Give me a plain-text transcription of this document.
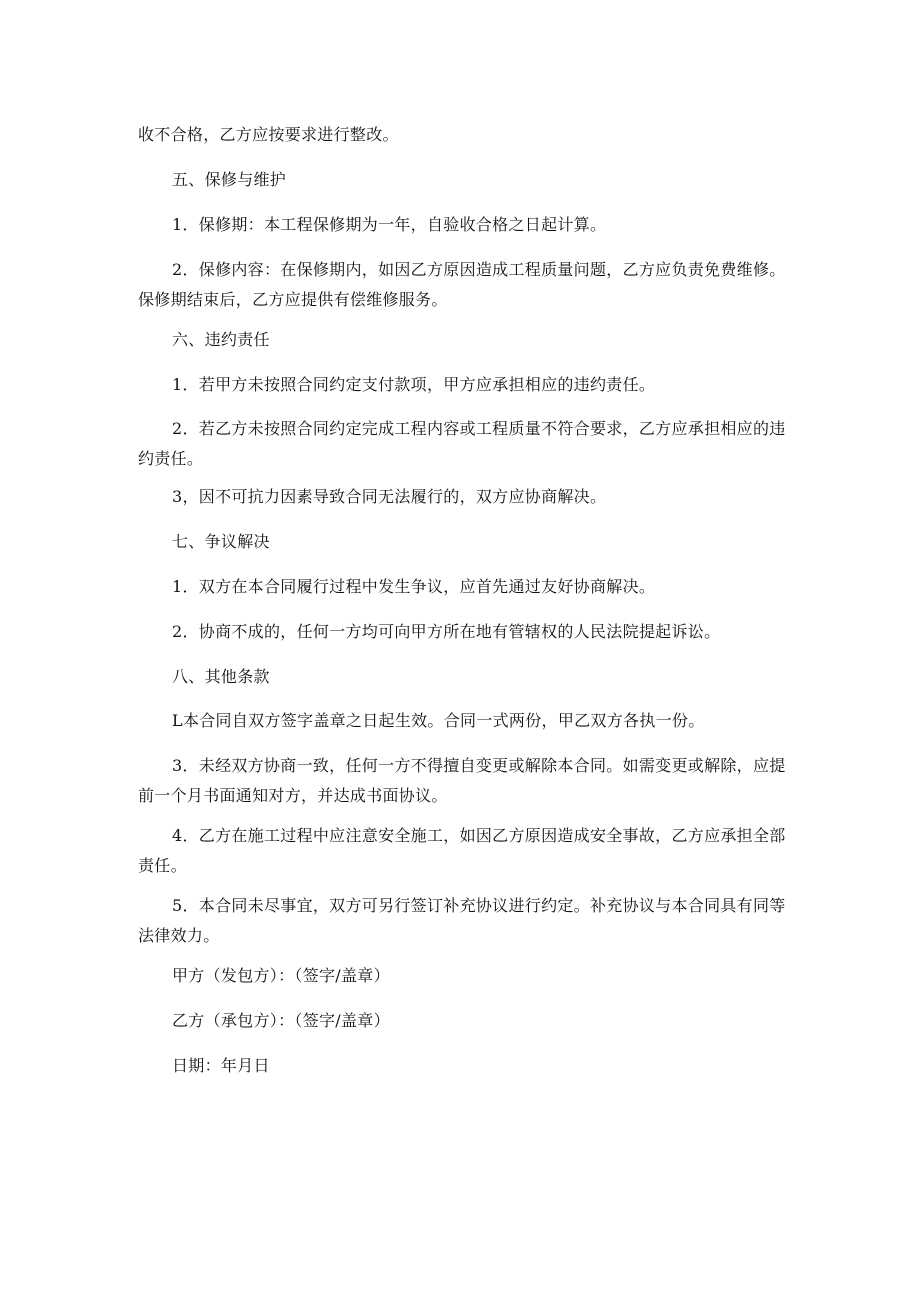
收不合格，乙方应按要求进行整改。

五、保修与维护

1．保修期：本工程保修期为一年，自验收合格之日起计算。

2．保修内容：在保修期内，如因乙方原因造成工程质量问题，乙方应负责免费维修。保修期结束后，乙方应提供有偿维修服务。

六、违约责任

1．若甲方未按照合同约定支付款项，甲方应承担相应的违约责任。

2．若乙方未按照合同约定完成工程内容或工程质量不符合要求，乙方应承担相应的违约责任。

3，因不可抗力因素导致合同无法履行的，双方应协商解决。

七、争议解决

1．双方在本合同履行过程中发生争议，应首先通过友好协商解决。

2．协商不成的，任何一方均可向甲方所在地有管辖权的人民法院提起诉讼。

八、其他条款

L本合同自双方签字盖章之日起生效。合同一式两份，甲乙双方各执一份。

3．未经双方协商一致，任何一方不得擅自变更或解除本合同。如需变更或解除，应提前一个月书面通知对方，并达成书面协议。

4．乙方在施工过程中应注意安全施工，如因乙方原因造成安全事故，乙方应承担全部责任。

5．本合同未尽事宜，双方可另行签订补充协议进行约定。补充协议与本合同具有同等法律效力。

甲方（发包方）：（签字/盖章）

乙方（承包方）：（签字/盖章）

日期：年月日
